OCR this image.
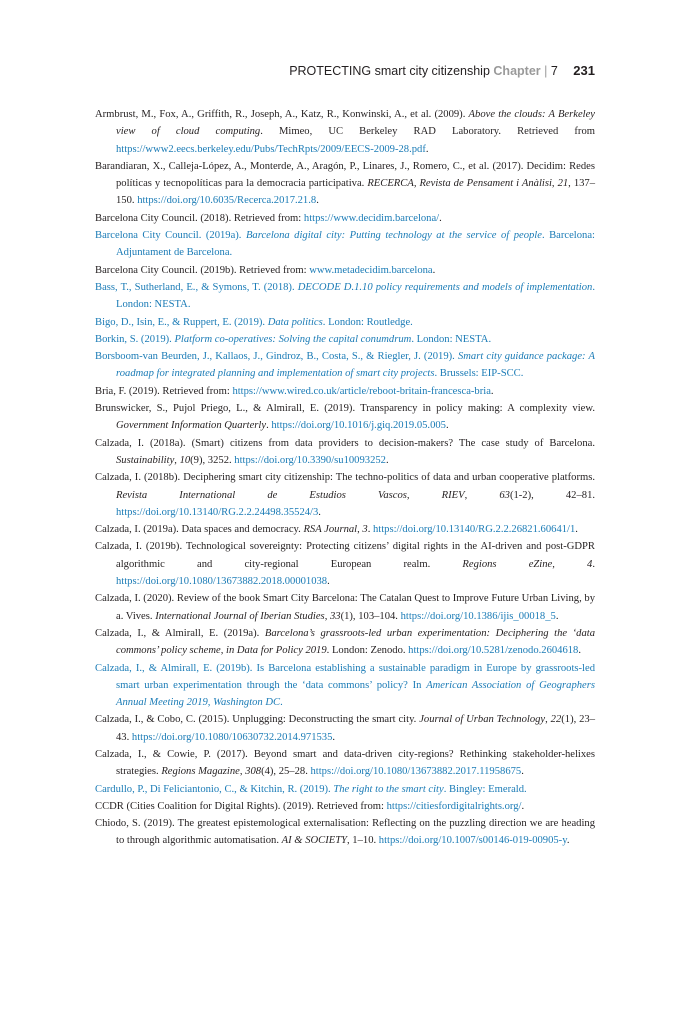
PROTECTING smart city citizenship Chapter | 7 231

Armbrust, M., Fox, A., Griffith, R., Joseph, A., Katz, R., Konwinski, A., et al. (2009). Above the clouds: A Berkeley view of cloud computing. Mimeo, UC Berkeley RAD Laboratory. Retrieved from https://www2.eecs.berkeley.edu/Pubs/TechRpts/2009/EECS-2009-28.pdf.

Barandiaran, X., Calleja-López, A., Monterde, A., Aragón, P., Linares, J., Romero, C., et al. (2017). Decidim: Redes políticas y tecnopolíticas para la democracia participativa. RECERCA, Revista de Pensament i Anàlisi, 21, 137–150. https://doi.org/10.6035/Recerca.2017.21.8.

Barcelona City Council. (2018). Retrieved from: https://www.decidim.barcelona/.

Barcelona City Council. (2019a). Barcelona digital city: Putting technology at the service of people. Barcelona: Adjuntament de Barcelona.

Barcelona City Council. (2019b). Retrieved from: www.metadecidim.barcelona.

Bass, T., Sutherland, E., & Symons, T. (2018). DECODE D.1.10 policy requirements and models of implementation. London: NESTA.

Bigo, D., Isin, E., & Ruppert, E. (2019). Data politics. London: Routledge.

Borkin, S. (2019). Platform co-operatives: Solving the capital conumdrum. London: NESTA.

Borsboom-van Beurden, J., Kallaos, J., Gindroz, B., Costa, S., & Riegler, J. (2019). Smart city guidance package: A roadmap for integrated planning and implementation of smart city projects. Brussels: EIP-SCC.

Bria, F. (2019). Retrieved from: https://www.wired.co.uk/article/reboot-britain-francesca-bria.

Brunswicker, S., Pujol Priego, L., & Almirall, E. (2019). Transparency in policy making: A complexity view. Government Information Quarterly. https://doi.org/10.1016/j.giq.2019.05.005.

Calzada, I. (2018a). (Smart) citizens from data providers to decision-makers? The case study of Barcelona. Sustainability, 10(9), 3252. https://doi.org/10.3390/su10093252.

Calzada, I. (2018b). Deciphering smart city citizenship: The techno-politics of data and urban cooperative platforms. Revista International de Estudios Vascos, RIEV, 63(1-2), 42–81. https://doi.org/10.13140/RG.2.2.24498.35524/3.

Calzada, I. (2019a). Data spaces and democracy. RSA Journal, 3. https://doi.org/10.13140/RG.2.2.26821.60641/1.

Calzada, I. (2019b). Technological sovereignty: Protecting citizens’ digital rights in the AI-driven and post-GDPR algorithmic and city-regional European realm. Regions eZine, 4. https://doi.org/10.1080/13673882.2018.00001038.

Calzada, I. (2020). Review of the book Smart City Barcelona: The Catalan Quest to Improve Future Urban Living, by a. Vives. International Journal of Iberian Studies, 33(1), 103–104. https://doi.org/10.1386/ijis_00018_5.

Calzada, I., & Almirall, E. (2019a). Barcelona’s grassroots-led urban experimentation: Deciphering the ‘data commons’ policy scheme, in Data for Policy 2019. London: Zenodo. https://doi.org/10.5281/zenodo.2604618.

Calzada, I., & Almirall, E. (2019b). Is Barcelona establishing a sustainable paradigm in Europe by grassroots-led smart urban experimentation through the ‘data commons’ policy? In American Association of Geographers Annual Meeting 2019, Washington DC.

Calzada, I., & Cobo, C. (2015). Unplugging: Deconstructing the smart city. Journal of Urban Technology, 22(1), 23–43. https://doi.org/10.1080/10630732.2014.971535.

Calzada, I., & Cowie, P. (2017). Beyond smart and data-driven city-regions? Rethinking stakeholder-helixes strategies. Regions Magazine, 308(4), 25–28. https://doi.org/10.1080/13673882.2017.11958675.

Cardullo, P., Di Feliciantonio, C., & Kitchin, R. (2019). The right to the smart city. Bingley: Emerald.

CCDR (Cities Coalition for Digital Rights). (2019). Retrieved from: https://citiesfordigitalrights.org/.

Chiodo, S. (2019). The greatest epistemological externalisation: Reflecting on the puzzling direction we are heading to through algorithmic automatisation. AI & SOCIETY, 1–10. https://doi.org/10.1007/s00146-019-00905-y.
